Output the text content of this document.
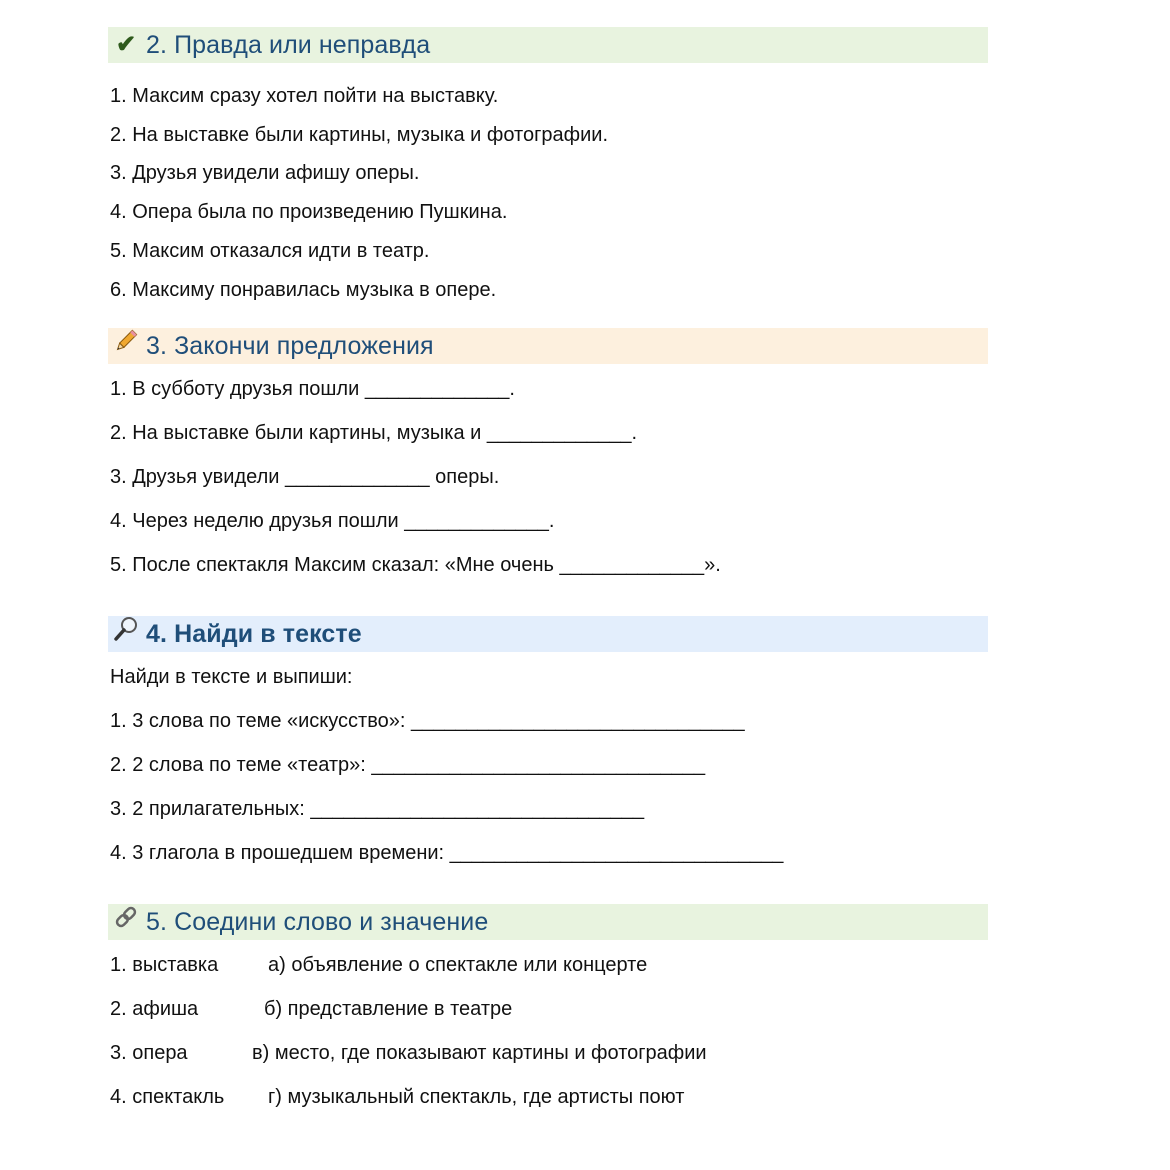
✔ 2. Правда или неправда
1. Максим сразу хотел пойти на выставку.
2. На выставке были картины, музыка и фотографии.
3. Друзья увидели афишу оперы.
4. Опера была по произведению Пушкина.
5. Максим отказался идти в театр.
6. Максиму понравилась музыка в опере.
3. Закончи предложения
1. В субботу друзья пошли _____________.
2. На выставке были картины, музыка и _____________.
3. Друзья увидели _____________ оперы.
4. Через неделю друзья пошли _____________.
5. После спектакля Максим сказал: «Мне очень _____________».
4. Найди в тексте
Найди в тексте и выпиши:
1. 3 слова по теме «искусство»: ______________________________
2. 2 слова по теме «театр»: ______________________________
3. 2 прилагательных: ______________________________
4. 3 глагола в прошедшем времени: ______________________________
5. Соедини слово и значение
1. выставка а) объявление о спектакле или концерте
2. афиша	б) представление в театре
3. опера	в) место, где показывают картины и фотографии
4. спектакль г) музыкальный спектакль, где артисты поют
